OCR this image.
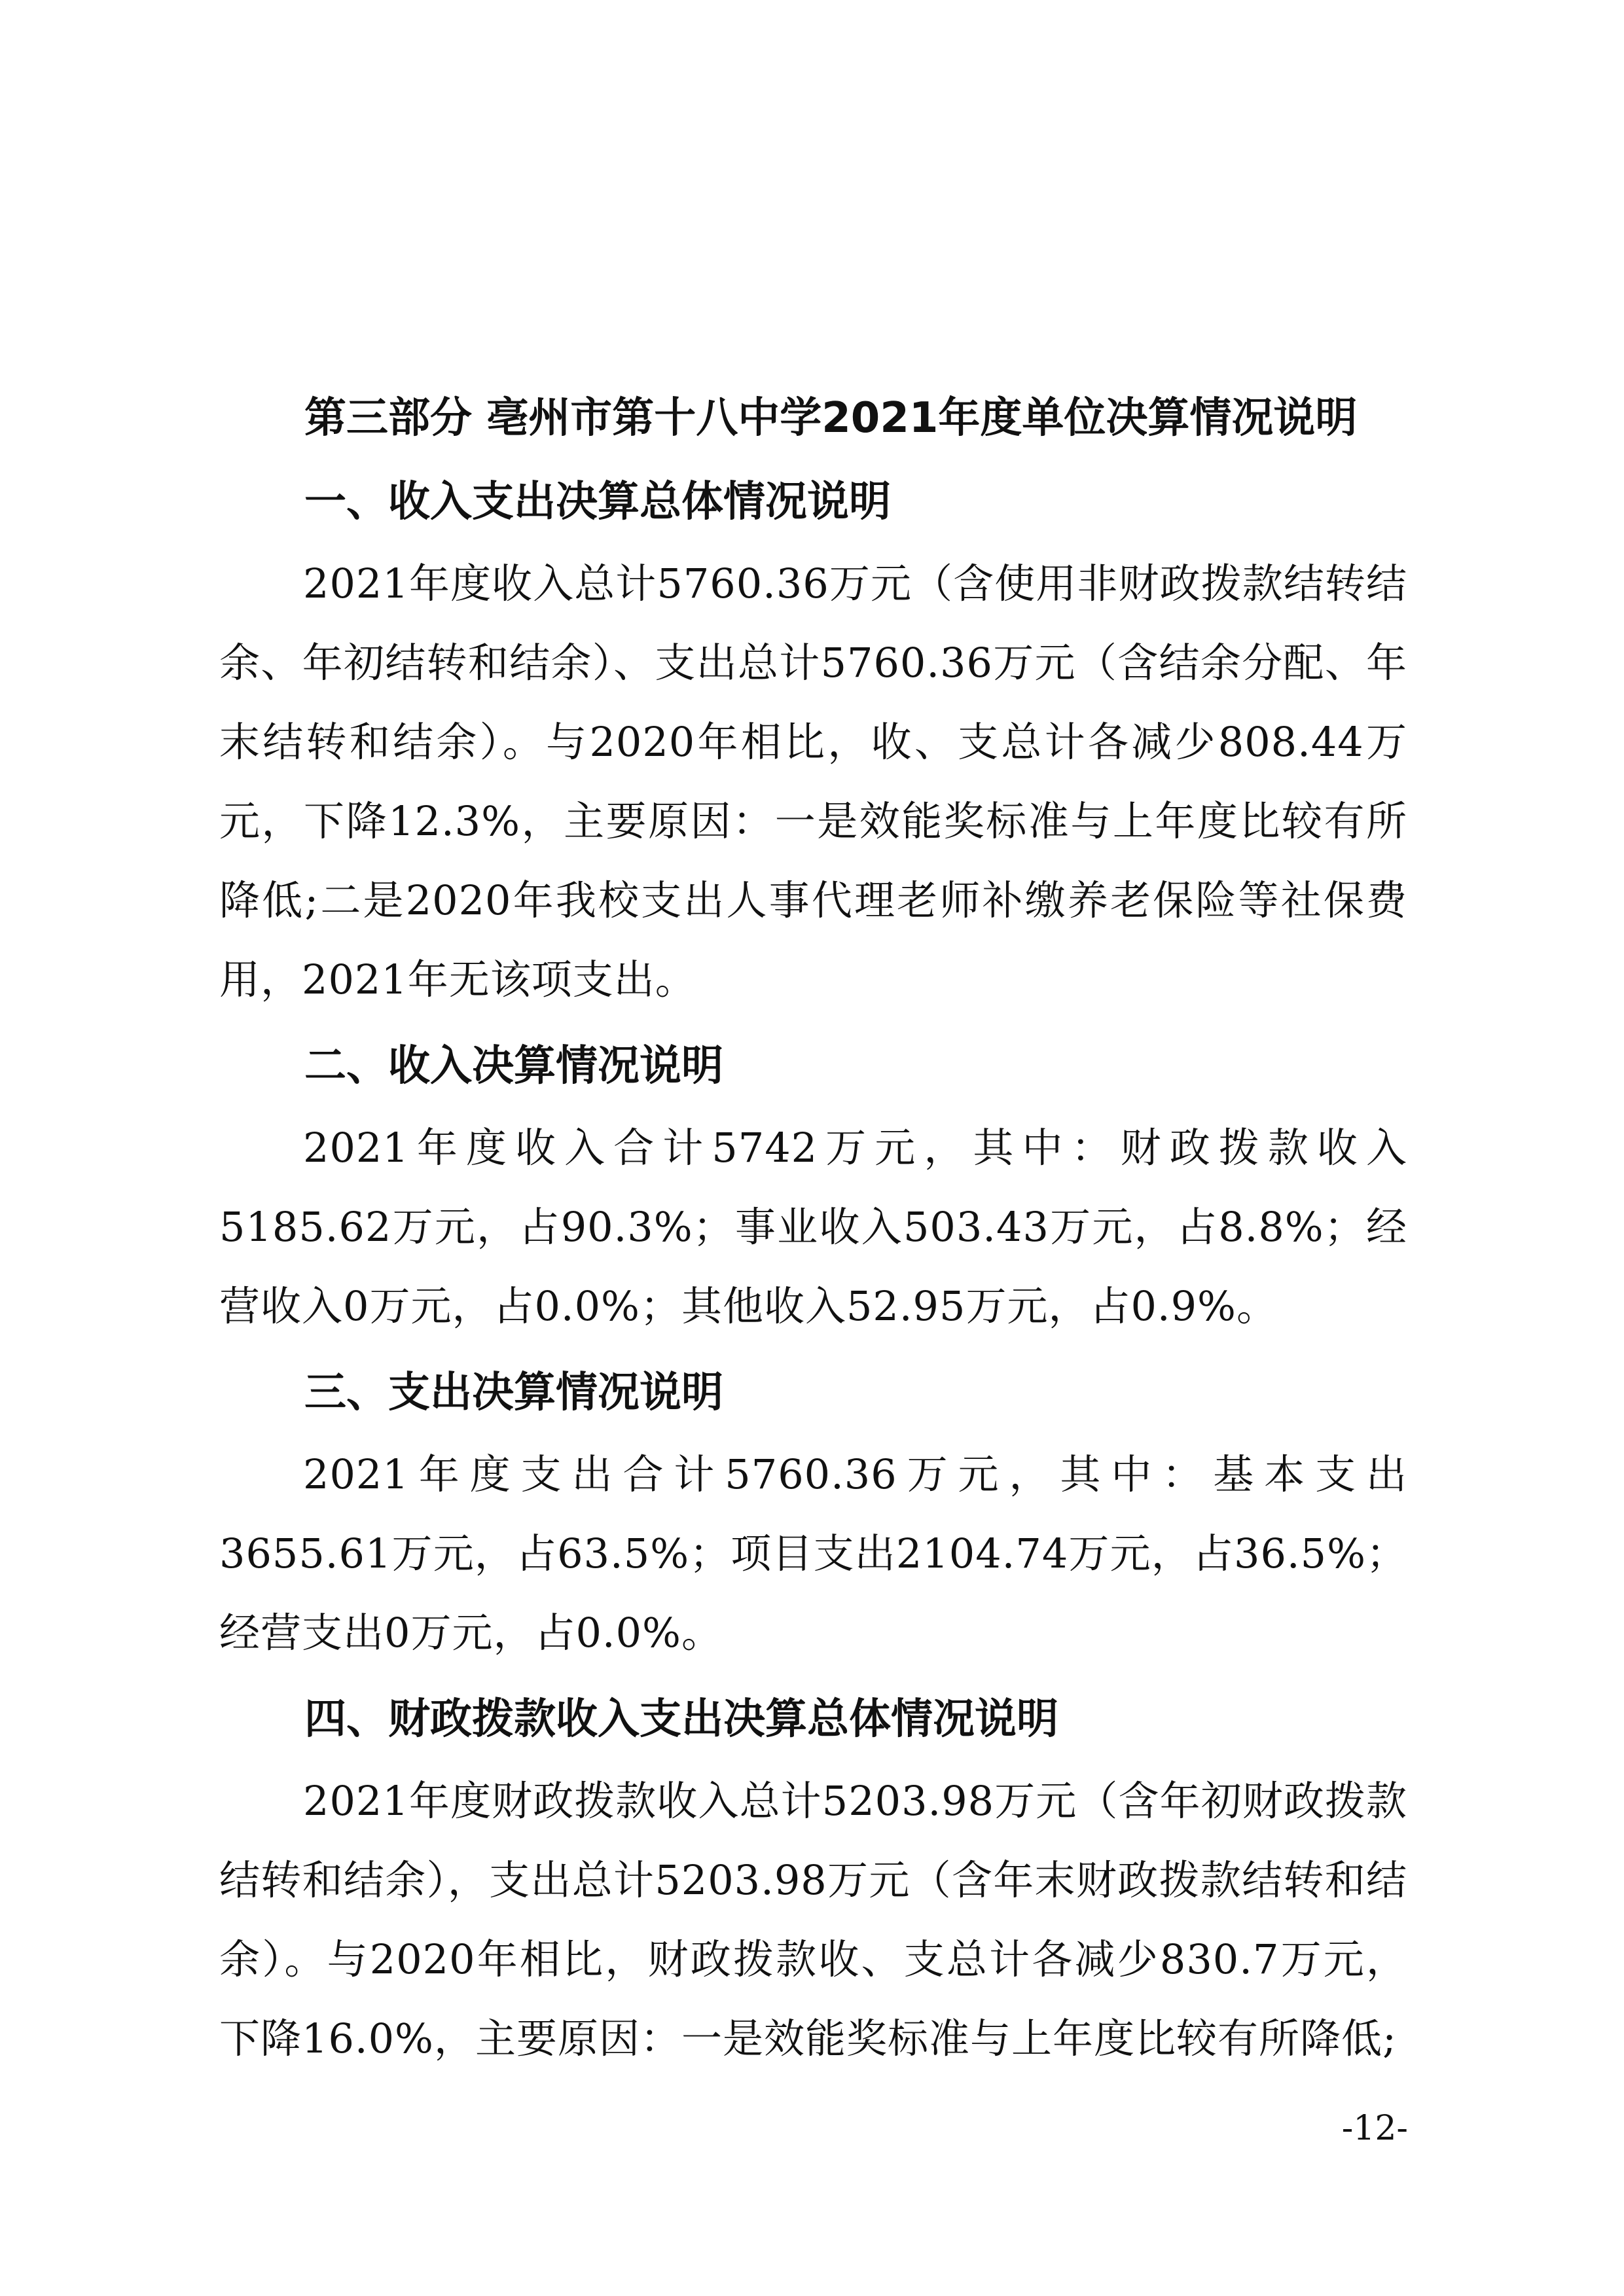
第三部分 亳州市第十八中学2021年度单位决算情况说明
一、收入支出决算总体情况说明

2021年度收入总计5760.36万元（含使用非财政拨款结转结余、年初结转和结余）、支出总计5760.36万元（含结余分配、年末结转和结余）。与2020年相比，收、支总计各减少808.44万元，下降12.3%，主要原因：一是效能奖标准与上年度比较有所降低;二是2020年我校支出人事代理老师补缴养老保险等社保费用，2021年无该项支出。

二、收入决算情况说明

2021年度收入合计5742万元，其中：财政拨款收入5185.62万元，占90.3%；事业收入503.43万元，占8.8%；经营收入0万元，占0.0%；其他收入52.95万元，占0.9%。

三、支出决算情况说明

2021年度支出合计5760.36万元，其中：基本支出3655.61万元，占63.5%；项目支出2104.74万元，占36.5%；经营支出0万元，占0.0%。

四、财政拨款收入支出决算总体情况说明

2021年度财政拨款收入总计5203.98万元（含年初财政拨款结转和结余），支出总计5203.98万元（含年末财政拨款结转和结余）。与2020年相比，财政拨款收、支总计各减少830.7万元，下降16.0%，主要原因：一是效能奖标准与上年度比较有所降低;

-12-
